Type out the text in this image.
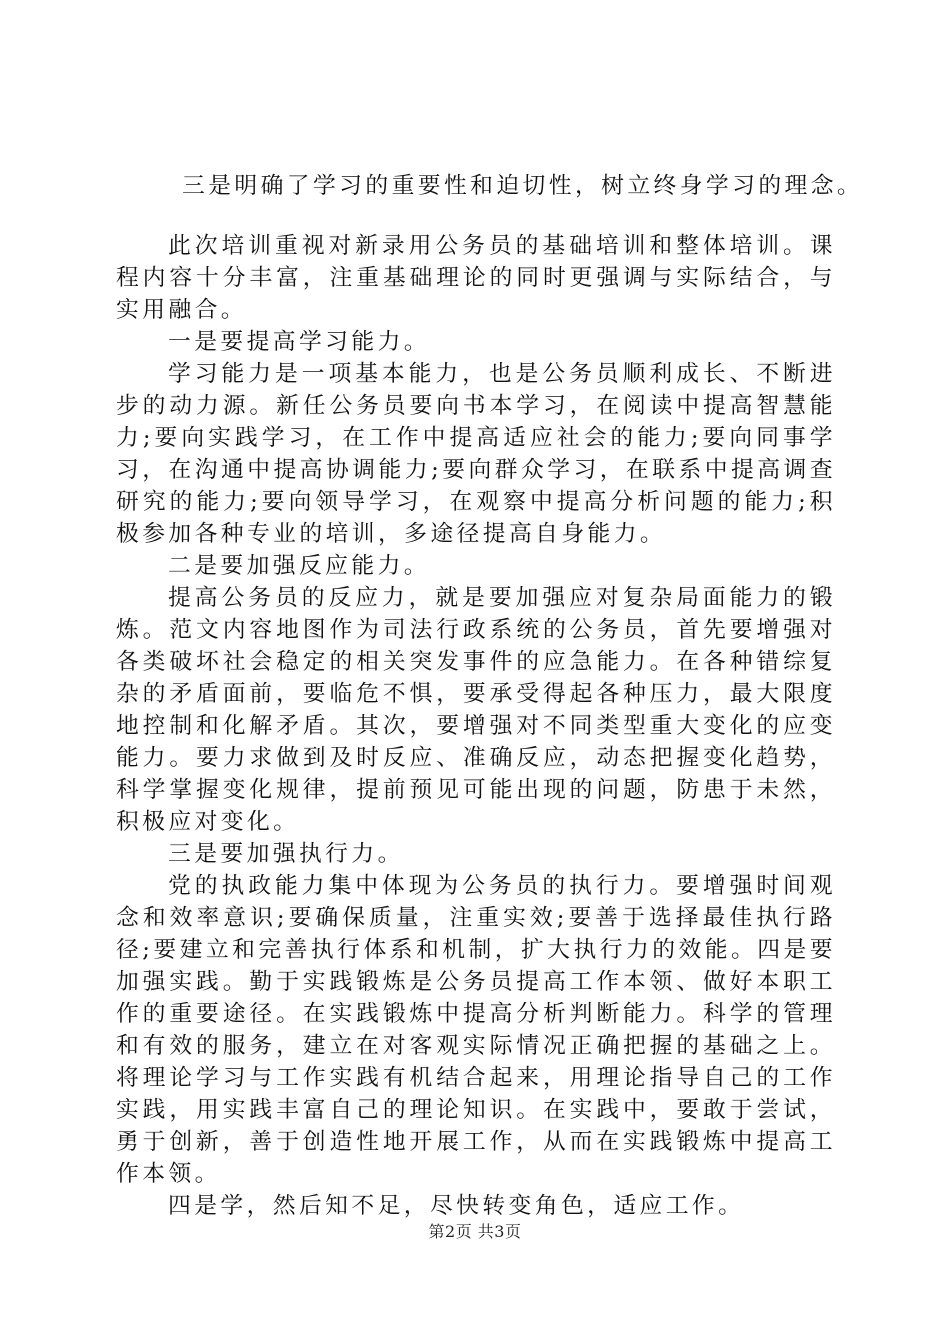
三是明确了学习的重要性和迫切性，树立终身学习的理念。

此次培训重视对新录用公务员的基础培训和整体培训。课程内容十分丰富，注重基础理论的同时更强调与实际结合，与实用融合。

一是要提高学习能力。

学习能力是一项基本能力，也是公务员顺利成长、不断进步的动力源。新任公务员要向书本学习，在阅读中提高智慧能力;要向实践学习，在工作中提高适应社会的能力;要向同事学习，在沟通中提高协调能力;要向群众学习，在联系中提高调查研究的能力;要向领导学习，在观察中提高分析问题的能力;积极参加各种专业的培训，多途径提高自身能力。

二是要加强反应能力。

提高公务员的反应力，就是要加强应对复杂局面能力的锻炼。范文内容地图作为司法行政系统的公务员，首先要增强对各类破坏社会稳定的相关突发事件的应急能力。在各种错综复杂的矛盾面前，要临危不惧，要承受得起各种压力，最大限度地控制和化解矛盾。其次，要增强对不同类型重大变化的应变能力。要力求做到及时反应、准确反应，动态把握变化趋势，科学掌握变化规律，提前预见可能出现的问题，防患于未然，积极应对变化。

三是要加强执行力。

党的执政能力集中体现为公务员的执行力。要增强时间观念和效率意识;要确保质量，注重实效;要善于选择最佳执行路径;要建立和完善执行体系和机制，扩大执行力的效能。四是要加强实践。勤于实践锻炼是公务员提高工作本领、做好本职工作的重要途径。在实践锻炼中提高分析判断能力。科学的管理和有效的服务，建立在对客观实际情况正确把握的基础之上。将理论学习与工作实践有机结合起来，用理论指导自己的工作实践，用实践丰富自己的理论知识。在实践中，要敢于尝试，勇于创新，善于创造性地开展工作，从而在实践锻炼中提高工作本领。

四是学，然后知不足，尽快转变角色，适应工作。

第2页 共3页
